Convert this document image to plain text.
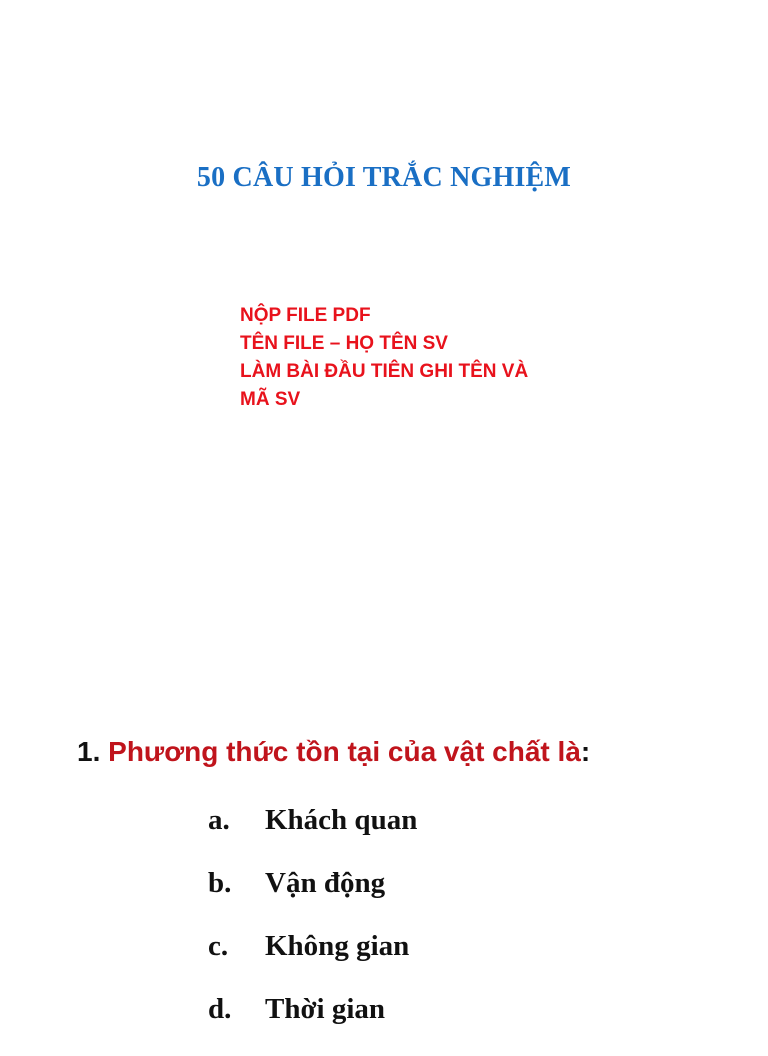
50 CÂU HỎI TRẮC NGHIỆM
NỘP FILE PDF
TÊN FILE – HỌ TÊN SV
LÀM BÀI ĐẦU TIÊN GHI TÊN VÀ
MÃ SV
1. Phương thức tồn tại của vật chất là:
a. Khách quan
b. Vận động
c. Không gian
d. Thời gian
